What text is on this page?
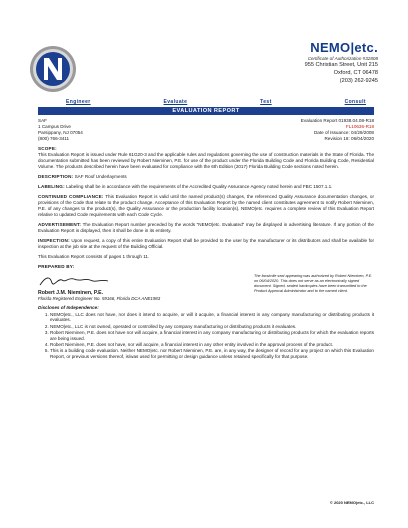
NEMO|etc.
Certificate of Authorization #32808
955 Christian Street, Unit 215
Oxford, CT 06478
(203) 262-9245
Engineer	Evaluate	Test	Consult
EVALUATION REPORT
SAF
1 Campus Drive
Parsippany, NJ 07054
(800) 766-3411
Evaluation Report 01938.04.08-R18
FL10636-R18
Date of Issuance: 04/29/2008
Revision 18: 06/04/2020
SCOPE:
This Evaluation Report is issued under Rule 61G20-3 and the applicable rules and regulations governing the use of construction materials in the State of Florida. The documentation submitted has been reviewed by Robert Nieminen, P.E. for use of the product under the Florida Building Code and Florida Building Code, Residential Volume. The products described herein have been evaluated for compliance with the 6th Edition (2017) Florida Building Code sections noted herein.
DESCRIPTION: SAF Roof Underlayments
LABELING: Labeling shall be in accordance with the requirements of the Accredited Quality Assurance Agency noted herein and FBC 1507.1.1.
CONTINUED COMPLIANCE: This Evaluation Report is valid until the named product(s) changes, the referenced Quality Assurance documentation changes, or provisions of the Code that relate to the product change. Acceptance of this Evaluation Report by the named client constitutes agreement to notify Robert Nieminen, P.E. of any changes to the product(s), the Quality Assurance or the production facility location(s). NEMO|etc. requires a complete review of this Evaluation Report relative to updated Code requirements with each Code Cycle.
ADVERTISEMENT: The Evaluation Report number preceded by the words "NEMO|etc. Evaluated" may be displayed in advertising literature. If any portion of the Evaluation Report is displayed, then it shall be done in its entirety.
INSPECTION: Upon request, a copy of this entire Evaluation Report shall be provided to the user by the manufacturer or its distributors and shall be available for inspection at the job site at the request of the Building Official.
This Evaluation Report consists of pages 1 through 11.
PREPARED BY:
Robert J.M. Nieminen, P.E.
Florida Registered Engineer No. 59166, Florida DCA ANE1983
The facsimile seal appearing was authorized by Robert Nieminen, P.E. on 06/04/2020. This does not serve as an electronically signed document. Signed, sealed hardcopies have been transmitted to the Product Approval Administrator and to the named client.
Discloses of Independence:
1. NEMO|etc., LLC does not have, nor does it intend to acquire, or will it acquire, a financial interest in any company manufacturing or distributing products it evaluates.
2. NEMO|etc., LLC is not owned, operated or controlled by any company manufacturing or distributing products it evaluates.
3. Robert Nieminen, P.E. does not have nor will acquire, a financial interest in any company manufacturing or distributing products for which the evaluation reports are being issued.
4. Robert Nieminen, P.E. does not have, nor will acquire, a financial interest in any other entity involved in the approval process of the product.
5. This is a building code evaluation. Neither NEMO|etc. nor Robert Nieminen, P.E. are, in any way, the designer of record for any project on which this Evaluation Report, or previous versions thereof, is/was used for permitting or design guidance unless retained specifically for that purpose.
© 2020 NEMO|etc., LLC
